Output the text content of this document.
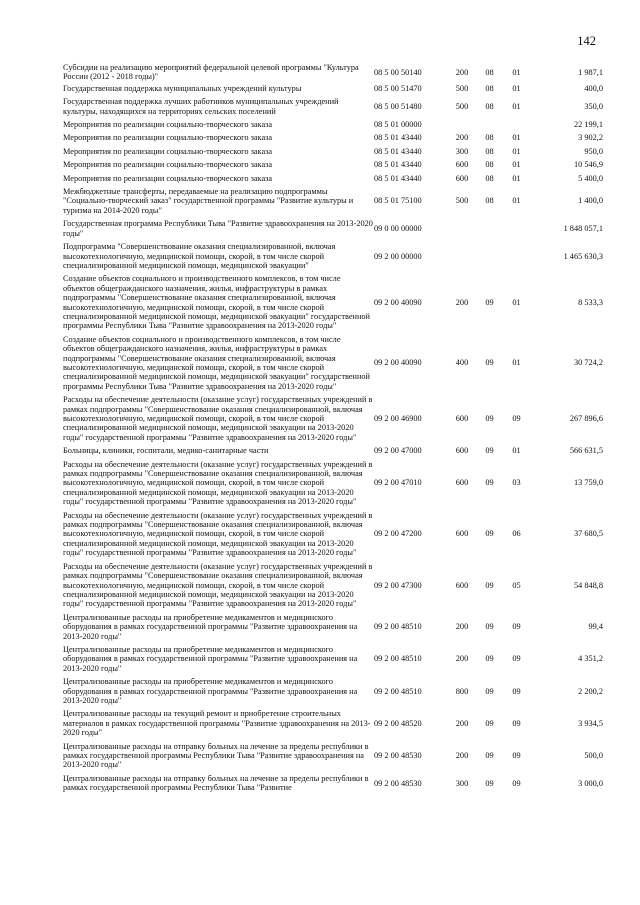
142
Субсидии на реализацию мероприятий федеральной целевой программы "Культура России (2012 - 2018 годы)"	08 5 00 50140	200	08	01	1 987,1
Государственная поддержка муниципальных учреждений культуры	08 5 00 51470	500	08	01	400,0
Государственная поддержка лучших работников муниципальных учреждений культуры, находящихся на территориях сельских поселений	08 5 00 51480	500	08	01	350,0
Мероприятия по реализации социально-творческого заказа	08 5 01 00000				22 199,1
Мероприятия по реализации социально-творческого заказа	08 5 01 43440	200	08	01	3 902,2
Мероприятия по реализации социально-творческого заказа	08 5 01 43440	300	08	01	950,0
Мероприятия по реализации социально-творческого заказа	08 5 01 43440	600	08	01	10 546,9
Мероприятия по реализации социально-творческого заказа	08 5 01 43440	600	08	01	5 400,0
Межбюджетные трансферты, передаваемые на реализацию подпрограммы "Социально-творческий заказ" государственной программы "Развитие культуры и туризма на 2014-2020 годы"	08 5 01 75100	500	08	01	1 400,0
Государственная программа Республики Тыва "Развитие здравоохранения на 2013-2020 годы"	09 0 00 00000				1 848 057,1
Подпрограмма "Совершенствование оказания специализированной, включая высокотехнологичную, медицинской помощи, скорой, в том числе скорой специализированной медицинской помощи, медицинской эвакуации"	09 2 00 00000				1 465 630,3
Создание объектов социального и производственного комплексов, в том числе объектов общегражданского назначения, жилья, инфраструктуры в рамках подпрограммы "Совершенствование оказания специализированной, включая высокотехнологичную, медицинской помощи, скорой, в том числе скорой специализированной медицинской помощи, медицинской эвакуации" государственной программы Республики Тыва "Развитие здравоохранения на 2013-2020 годы"	09 2 00 40090	200	09	01	8 533,3
Создание объектов социального и производственного комплексов, в том числе объектов общегражданского назначения, жилья, инфраструктуры в рамках подпрограммы "Совершенствование оказания специализированной, включая высокотехнологичную, медицинской помощи, скорой, в том числе скорой специализированной медицинской помощи, медицинской эвакуации" государственной программы Республики Тыва "Развитие здравоохранения на 2013-2020 годы"	09 2 00 40090	400	09	01	30 724,2
Расходы на обеспечение деятельности (оказание услуг) государственных учреждений в рамках подпрограммы "Совершенствование оказания специализированной, включая высокотехнологичную, медицинской помощи, скорой, в том числе скорой специализированной медицинской помощи, медицинской эвакуации на 2013-2020 годы" государственной программы "Развитие здравоохранения на 2013-2020 годы"	09 2 00 46900	600	09	09	267 896,6
Больницы, клиники, госпитали, медико-санитарные части	09 2 00 47000	600	09	01	566 631,5
Расходы на обеспечение деятельности (оказание услуг) государственных учреждений в рамках подпрограммы "Совершенствование оказания специализированной, включая высокотехнологичную, медицинской помощи, скорой, в том числе скорой специализированной медицинской помощи, медицинской эвакуации на 2013-2020 годы" государственной программы "Развитие здравоохранения на 2013-2020 годы"	09 2 00 47010	600	09	03	13 759,0
Расходы на обеспечение деятельности (оказание услуг) государственных учреждений в рамках подпрограммы "Совершенствование оказания специализированной, включая высокотехнологичную, медицинской помощи, скорой, в том числе скорой специализированной медицинской помощи, медицинской эвакуации на 2013-2020 годы" государственной программы "Развитие здравоохранения на 2013-2020 годы"	09 2 00 47200	600	09	06	37 680,5
Расходы на обеспечение деятельности (оказание услуг) государственных учреждений в рамках подпрограммы "Совершенствование оказания специализированной, включая высокотехнологичную, медицинской помощи, скорой, в том числе скорой специализированной медицинской помощи, медицинской эвакуации на 2013-2020 годы" государственной программы "Развитие здравоохранения на 2013-2020 годы"	09 2 00 47300	600	09	05	54 848,8
Централизованные расходы на приобретение медикаментов и медицинского оборудования в рамках государственной программы "Развитие здравоохранения на 2013-2020 годы"	09 2 00 48510	200	09	09	99,4
Централизованные расходы на приобретение медикаментов и медицинского оборудования в рамках государственной программы "Развитие здравоохранения на 2013-2020 годы"	09 2 00 48510	200	09	09	4 351,2
Централизованные расходы на приобретение медикаментов и медицинского оборудования в рамках государственной программы "Развитие здравоохранения на 2013-2020 годы"	09 2 00 48510	800	09	09	2 200,2
Централизованные расходы на текущий ремонт и приобретение строительных материалов в рамках государственной программы "Развитие здравоохранения на 2013-2020 годы"	09 2 00 48520	200	09	09	3 934,5
Централизованные расходы на отправку больных на лечение за пределы республики в рамках государственной программы Республики Тыва "Развитие здравоохранения на 2013-2020 годы"	09 2 00 48530	200	09	09	500,0
Централизованные расходы на отправку больных на лечение за пределы республики в рамках государственной программы Республики Тыва "Развитие	09 2 00 48530	300	09	09	3 000,0
